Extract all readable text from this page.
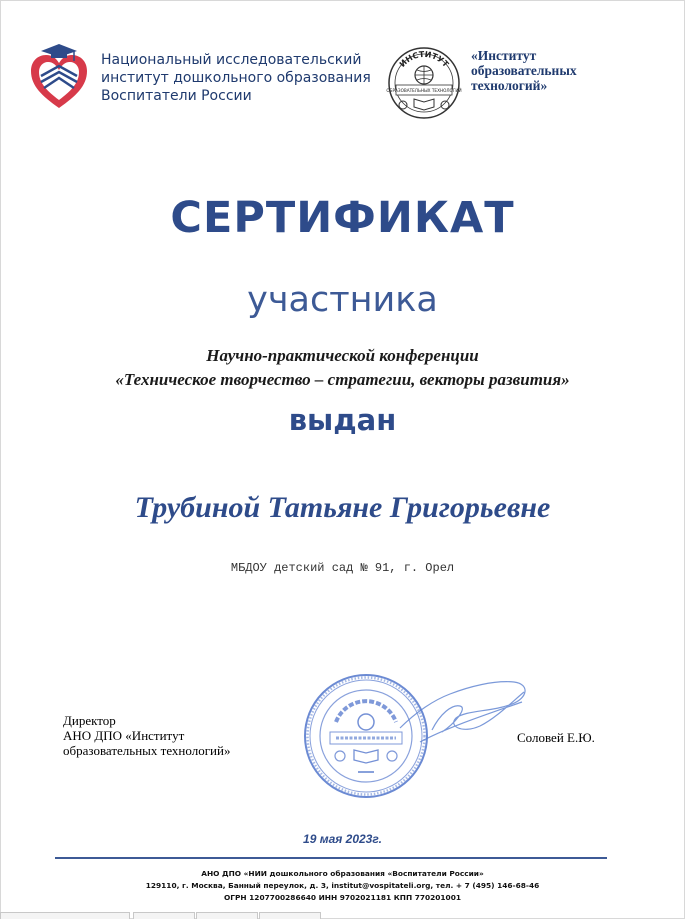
Национальный исследовательский
институт дошкольного образования
Воспитатели России
ИНСТИТУТ
ОБРАЗОВАТЕЛЬНЫХ ТЕХНОЛОГИЙ
«Институт
образовательных
технологий»
СЕРТИФИКАТ
участника
Научно-практической конференции
«Техническое творчество – стратегии, векторы развития»
выдан
Трубиной Татьяне Григорьевне
МБДОУ детский сад № 91, г. Орел
Директор
АНО ДПО «Институт
образовательных технологий»
Соловей Е.Ю.
19 мая 2023г.
АНО ДПО «НИИ дошкольного образования «Воспитатели России»
129110, г. Москва, Банный переулок, д. 3, institut@vospitateli.org, тел. + 7 (495) 146-68-46
ОГРН 1207700286640 ИНН 9702021181 КПП 770201001
